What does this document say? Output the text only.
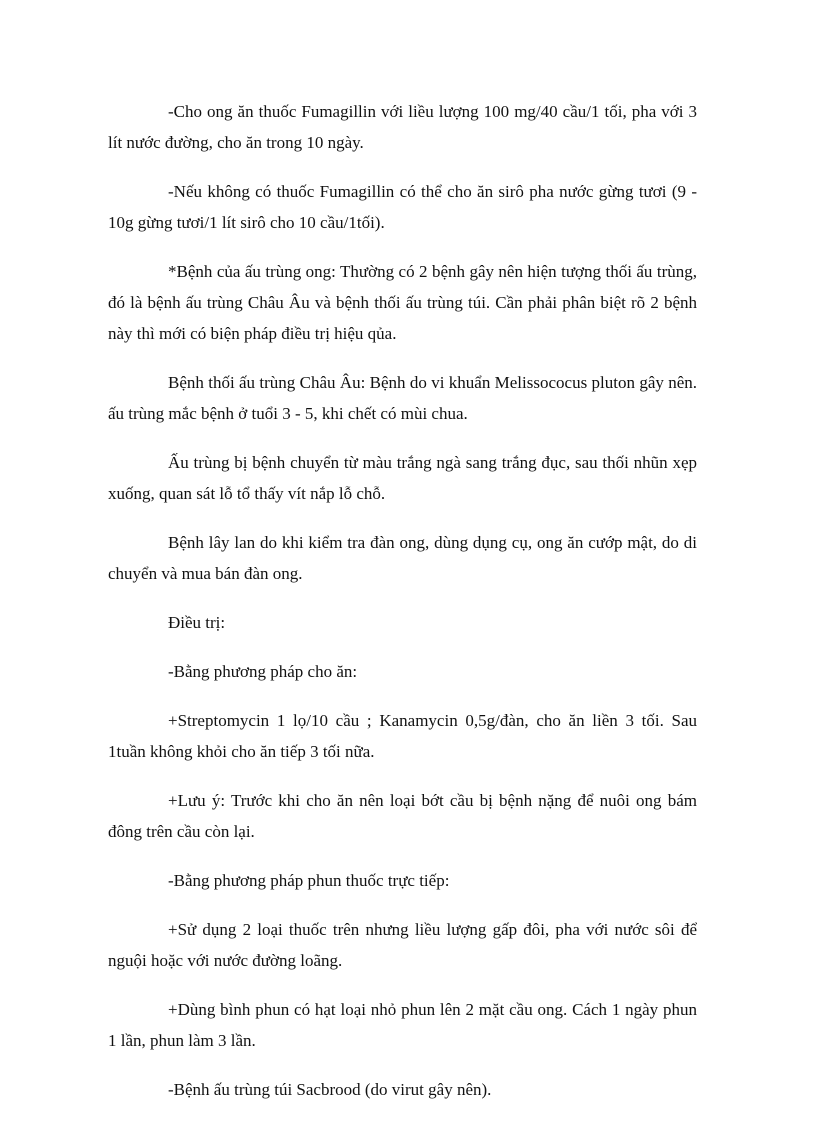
-Cho ong ăn thuốc Fumagillin với liều lượng 100 mg/40 cầu/1 tối, pha với 3 lít nước đường, cho ăn trong 10 ngày.

-Nếu không có thuốc Fumagillin có thể cho ăn sirô pha nước gừng tươi (9 - 10g gừng tươi/1 lít sirô cho 10 cầu/1tối).

*Bệnh của ấu trùng ong: Thường có 2 bệnh gây nên hiện tượng thối ấu trùng, đó là bệnh ấu trùng Châu Âu và bệnh thối ấu trùng túi. Cần phải phân biệt rõ 2 bệnh này thì mới có biện pháp điều trị hiệu qủa.

Bệnh thối ấu trùng Châu Âu: Bệnh do vi khuẩn Melissococus pluton gây nên. ấu trùng mắc bệnh ở tuổi 3 - 5, khi chết có mùi chua.

Ấu trùng bị bệnh chuyển từ màu trắng ngà sang trắng đục, sau thối nhũn xẹp xuống, quan sát lỗ tổ thấy vít nắp lỗ chỗ.

Bệnh lây lan do khi kiểm tra đàn ong, dùng dụng cụ, ong ăn cướp mật, do di chuyển và mua bán đàn ong.

Điều trị:

-Bằng phương pháp cho ăn:

+Streptomycin 1 lọ/10 cầu ; Kanamycin 0,5g/đàn, cho ăn liền 3 tối. Sau 1tuần không khỏi cho ăn tiếp 3 tối nữa.

+Lưu ý: Trước khi cho ăn nên loại bớt cầu bị bệnh nặng để nuôi ong bám đông trên cầu còn lại.

-Bằng phương pháp phun thuốc trực tiếp:

+Sử dụng 2 loại thuốc trên nhưng liều lượng gấp đôi, pha với nước sôi để nguội hoặc với nước đường loãng.

+Dùng bình phun có hạt loại nhỏ phun lên 2 mặt cầu ong. Cách 1 ngày phun 1 lần, phun làm 3 lần.

-Bệnh ấu trùng túi Sacbrood (do virut gây nên).
